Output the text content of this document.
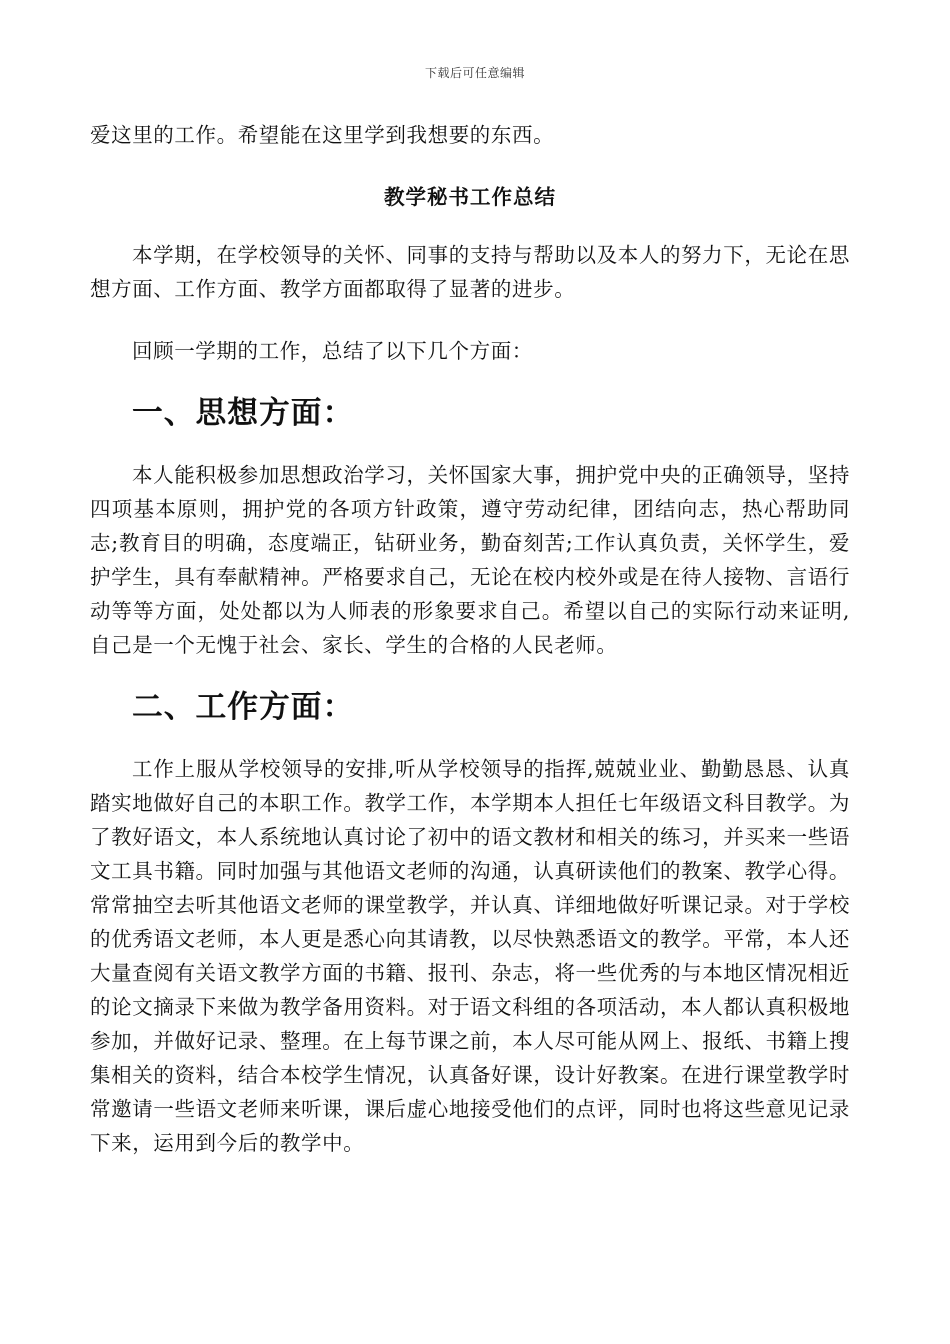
下载后可任意编辑

爱这里的工作。希望能在这里学到我想要的东西。

教学秘书工作总结

本学期，在学校领导的关怀、同事的支持与帮助以及本人的努力下，无论在思想方面、工作方面、教学方面都取得了显著的进步。

回顾一学期的工作，总结了以下几个方面：

一、思想方面：

本人能积极参加思想政治学习，关怀国家大事，拥护党中央的正确领导，坚持四项基本原则，拥护党的各项方针政策，遵守劳动纪律，团结向志，热心帮助同志;教育目的明确，态度端正，钻研业务，勤奋刻苦;工作认真负责，关怀学生，爱护学生，具有奉献精神。严格要求自己，无论在校内校外或是在待人接物、言语行动等等方面，处处都以为人师表的形象要求自己。希望以自己的实际行动来证明,自己是一个无愧于社会、家长、学生的合格的人民老师。

二、工作方面：

工作上服从学校领导的安排,听从学校领导的指挥,兢兢业业、勤勤恳恳、认真踏实地做好自己的本职工作。教学工作，本学期本人担任七年级语文科目教学。为了教好语文，本人系统地认真讨论了初中的语文教材和相关的练习，并买来一些语文工具书籍。同时加强与其他语文老师的沟通，认真研读他们的教案、教学心得。常常抽空去听其他语文老师的课堂教学，并认真、详细地做好听课记录。对于学校的优秀语文老师，本人更是悉心向其请教，以尽快熟悉语文的教学。平常，本人还大量查阅有关语文教学方面的书籍、报刊、杂志，将一些优秀的与本地区情况相近的论文摘录下来做为教学备用资料。对于语文科组的各项活动，本人都认真积极地参加，并做好记录、整理。在上每节课之前，本人尽可能从网上、报纸、书籍上搜集相关的资料，结合本校学生情况，认真备好课，设计好教案。在进行课堂教学时常邀请一些语文老师来听课，课后虚心地接受他们的点评，同时也将这些意见记录下来，运用到今后的教学中。
